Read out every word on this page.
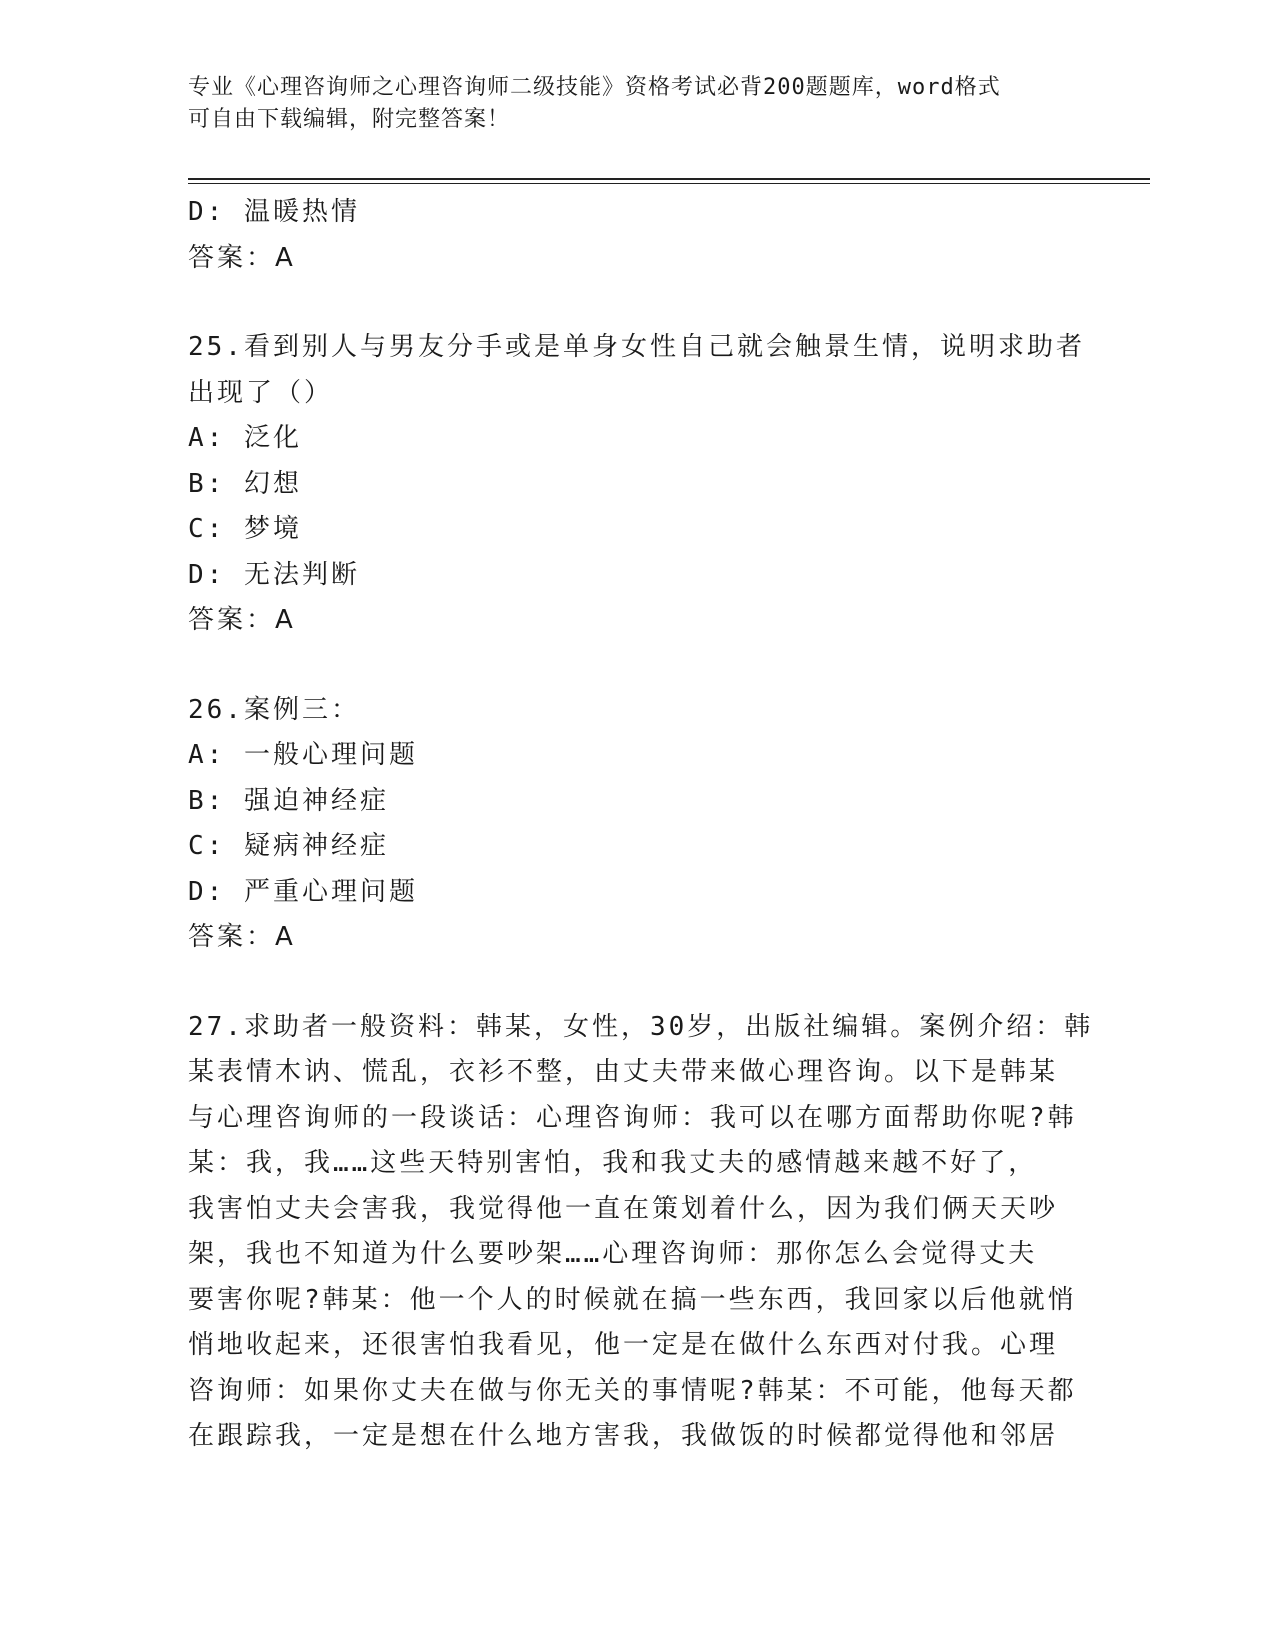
专业《心理咨询师之心理咨询师二级技能》资格考试必背200题题库，word格式
可自由下载编辑，附完整答案！
D: 温暖热情
答案：A
25.看到别人与男友分手或是单身女性自己就会触景生情，说明求助者
出现了（）
A: 泛化
B: 幻想
C: 梦境
D: 无法判断
答案：A
26.案例三：
A: 一般心理问题
B: 强迫神经症
C: 疑病神经症
D: 严重心理问题
答案：A
27.求助者一般资料：韩某，女性，30岁，出版社编辑。案例介绍：韩
某表情木讷、慌乱，衣衫不整，由丈夫带来做心理咨询。以下是韩某
与心理咨询师的一段谈话：心理咨询师：我可以在哪方面帮助你呢?韩
某：我，我……这些天特别害怕，我和我丈夫的感情越来越不好了，
我害怕丈夫会害我，我觉得他一直在策划着什么，因为我们俩天天吵
架，我也不知道为什么要吵架……心理咨询师：那你怎么会觉得丈夫
要害你呢?韩某：他一个人的时候就在搞一些东西，我回家以后他就悄
悄地收起来，还很害怕我看见，他一定是在做什么东西对付我。心理
咨询师：如果你丈夫在做与你无关的事情呢?韩某：不可能，他每天都
在跟踪我，一定是想在什么地方害我，我做饭的时候都觉得他和邻居
